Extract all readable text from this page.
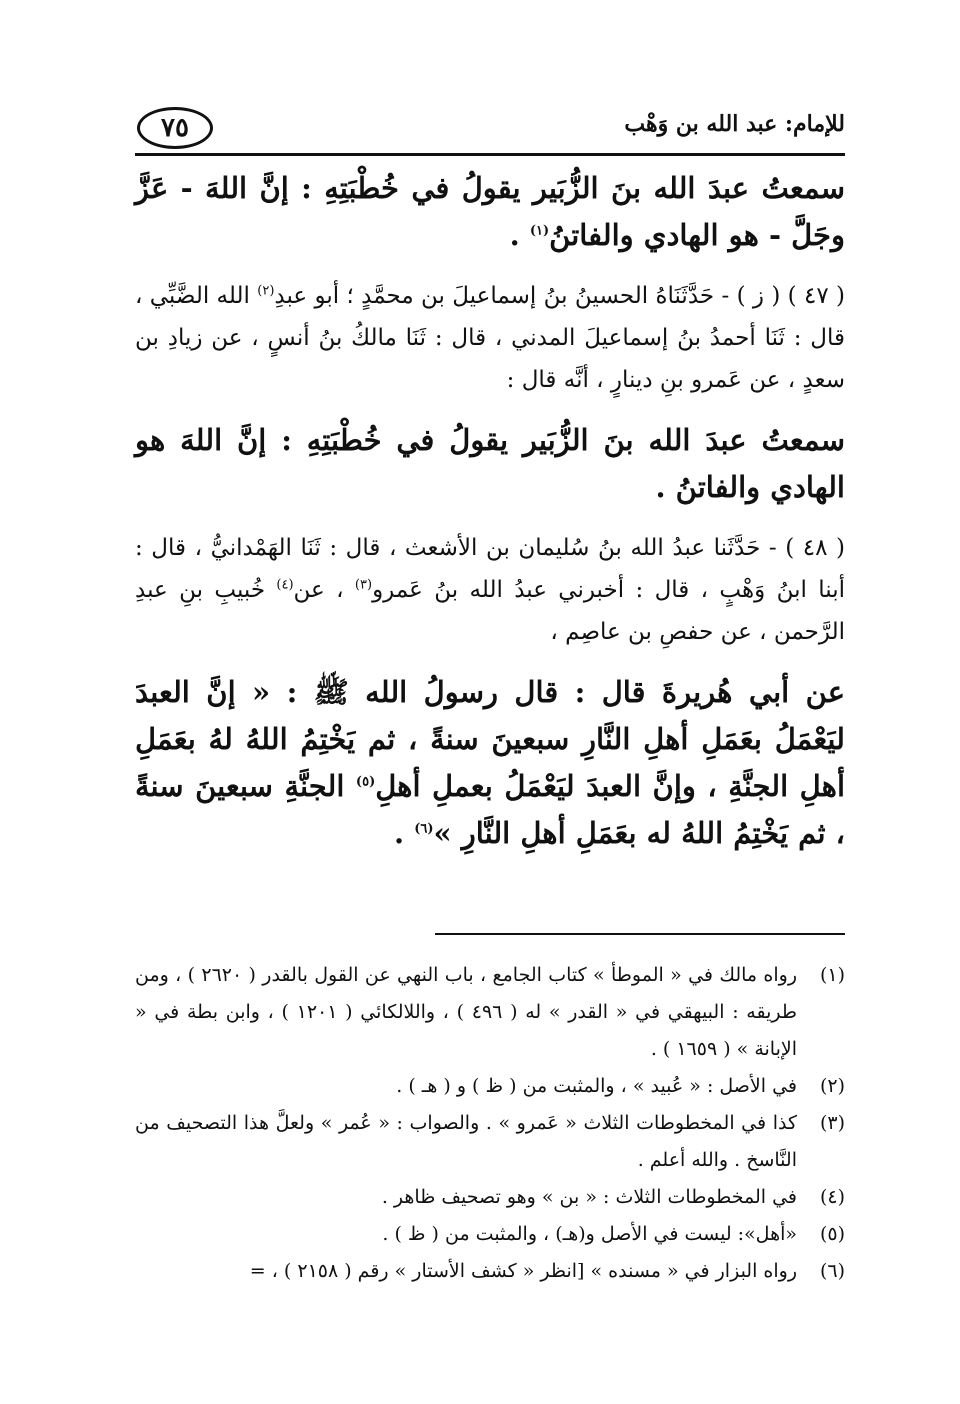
٧٥	للإمام: عبد الله بن وَهْب

سمعتُ عبدَ الله بنَ الزُّبَير يقولُ في خُطْبَتِهِ : إنَّ اللهَ - عَزَّ وجَلَّ - هو الهادي والفاتنُ$^{(١)}$ .

( ٤٧ ) ( ز ) - حَدَّثَنَاهُ الحسينُ بنُ إسماعيلَ بن محمَّدٍ ؛ أبو عبدِ$^{(٢)}$ الله الضَّبِّي ، قال : ثَنَا أحمدُ بنُ إسماعيلَ المدني ، قال : ثَنَا مالكُ بنُ أنسٍ ، عن زيادِ بن سعدٍ ، عن عَمرو بنِ دينارٍ ، أنَّه قال :

سمعتُ عبدَ الله بنَ الزُّبَير يقولُ في خُطْبَتِهِ : إنَّ اللهَ هو الهادي والفاتنُ .

( ٤٨ ) - حَدَّثَنا عبدُ الله بنُ سُليمان بن الأشعث ، قال : ثَنَا الهَمْدانيُّ ، قال : أبنا ابنُ وَهْبٍ ، قال : أخبرني عبدُ الله بنُ عَمرو$^{(٣)}$ ، عن$^{(٤)}$ خُبيبِ بنِ عبدِ الرَّحمن ، عن حفصِ بن عاصِم ،

عن أبي هُريرةَ قال : قال رسولُ الله ﷺ : « إنَّ العبدَ ليَعْمَلُ بعَمَلِ أهلِ النَّارِ سبعينَ سنةً ، ثم يَخْتِمُ اللهُ لهُ بعَمَلِ أهلِ الجنَّةِ ، وإنَّ العبدَ ليَعْمَلُ بعملِ أهلِ$^{(٥)}$ الجنَّةِ سبعينَ سنةً ، ثم يَخْتِمُ اللهُ له بعَمَلِ أهلِ النَّارِ »$^{(٦)}$ .

(١)
رواه مالك في « الموطأ » كتاب الجامع ، باب النهي عن القول بالقدر ( ٢٦٢٠ ) ، ومن طريقه : البيهقي في « القدر » له ( ٤٩٦ ) ، واللالكائي ( ١٢٠١ ) ، وابن بطة في « الإبانة » ( ١٦٥٩ ) .
(٢)
في الأصل : « عُبيد » ، والمثبت من ( ظ ) و ( هـ ) .
(٣)
كذا في المخطوطات الثلاث « عَمرو » . والصواب : « عُمر » ولعلَّ هذا التصحيف من النَّاسخ . والله أعلم .
(٤)
في المخطوطات الثلاث : « بن » وهو تصحيف ظاهر .
(٥)
«أهل»: ليست في الأصل و(هـ) ، والمثبت من ( ظ ) .
(٦)
رواه البزار في « مسنده » [انظر « كشف الأستار » رقم ( ٢١٥٨ ) ، =
